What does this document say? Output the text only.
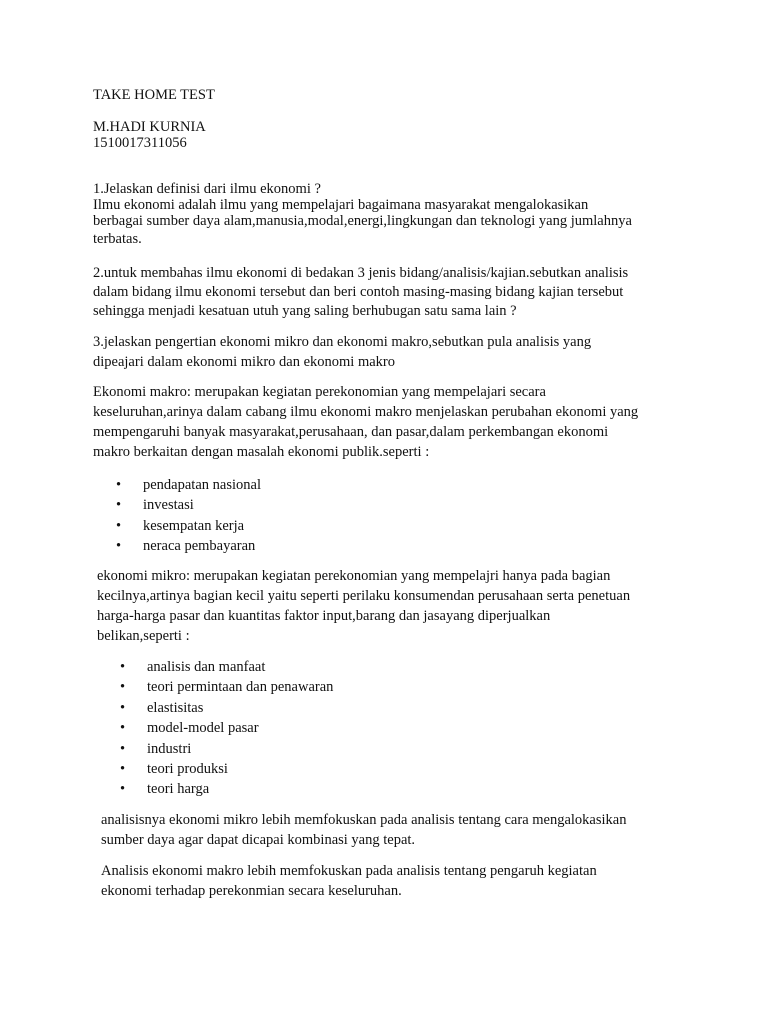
TAKE HOME TEST

M.HADI KURNIA

1510017311056

1.Jelaskan definisi dari ilmu ekonomi ?

Ilmu ekonomi adalah ilmu yang mempelajari bagaimana masyarakat mengalokasikan

berbagai sumber daya alam,manusia,modal,energi,lingkungan dan teknologi yang jumlahnya

terbatas.

2.untuk membahas ilmu ekonomi di bedakan 3 jenis bidang/analisis/kajian.sebutkan analisis

dalam bidang ilmu ekonomi tersebut dan beri contoh masing-masing bidang kajian tersebut

sehingga menjadi kesatuan utuh yang saling berhubugan satu sama lain ?

3.jelaskan pengertian ekonomi mikro dan ekonomi makro,sebutkan pula analisis yang

dipeajari dalam ekonomi mikro dan ekonomi makro

Ekonomi makro: merupakan kegiatan perekonomian yang mempelajari secara

keseluruhan,arinya dalam cabang ilmu ekonomi makro menjelaskan perubahan ekonomi yang

mempengaruhi banyak masyarakat,perusahaan, dan pasar,dalam perkembangan ekonomi

makro berkaitan dengan masalah ekonomi publik.seperti :

• pendapatan nasional
• investasi
• kesempatan kerja
• neraca pembayaran

ekonomi mikro: merupakan kegiatan perekonomian yang mempelajri hanya pada bagian

kecilnya,artinya bagian kecil yaitu seperti perilaku konsumendan perusahaan serta penetuan

harga-harga pasar dan kuantitas faktor input,barang dan jasayang diperjualkan

belikan,seperti :

• analisis dan manfaat
• teori permintaan dan penawaran
• elastisitas
• model-model pasar
• industri
• teori produksi
• teori harga

analisisnya ekonomi mikro lebih memfokuskan pada analisis tentang cara mengalokasikan

sumber daya agar dapat dicapai kombinasi yang tepat.

Analisis ekonomi makro lebih memfokuskan pada analisis tentang pengaruh kegiatan

ekonomi terhadap perekonmian secara keseluruhan.
